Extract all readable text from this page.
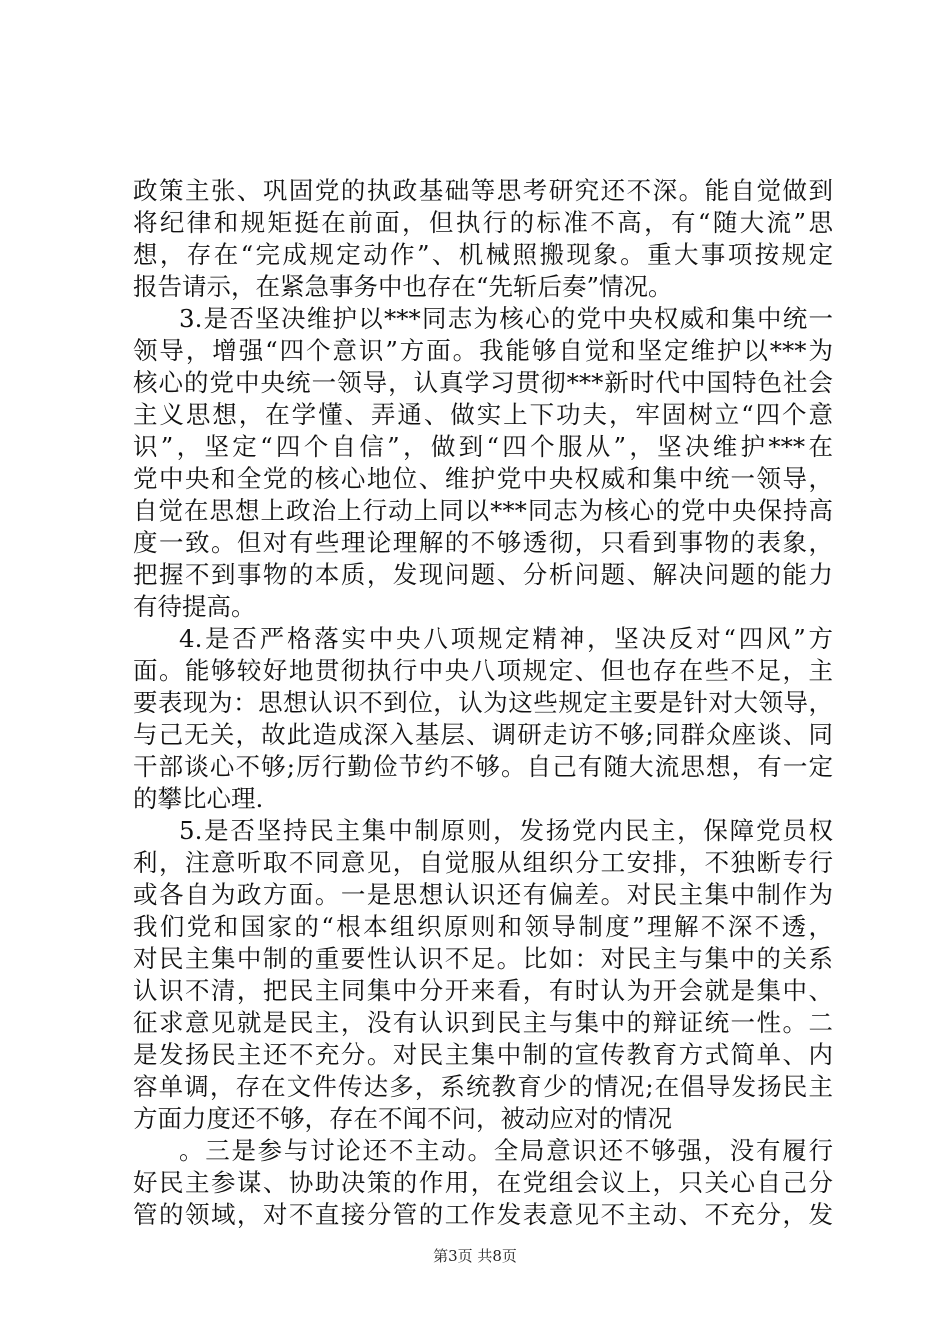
政策主张、巩固党的执政基础等思考研究还不深。能自觉做到
将纪律和规矩挺在前面，但执行的标准不高，有“随大流”思
想，存在“完成规定动作”、机械照搬现象。重大事项按规定
报告请示，在紧急事务中也存在“先斩后奏”情况。
3.是否坚决维护以***同志为核心的党中央权威和集中统一
领导，增强“四个意识”方面。我能够自觉和坚定维护以***为
核心的党中央统一领导，认真学习贯彻***新时代中国特色社会
主义思想，在学懂、弄通、做实上下功夫，牢固树立“四个意
识”，坚定“四个自信”，做到“四个服从”，坚决维护***在
党中央和全党的核心地位、维护党中央权威和集中统一领导，
自觉在思想上政治上行动上同以***同志为核心的党中央保持高
度一致。但对有些理论理解的不够透彻，只看到事物的表象，
把握不到事物的本质，发现问题、分析问题、解决问题的能力
有待提高。
4.是否严格落实中央八项规定精神，坚决反对“四风”方
面。能够较好地贯彻执行中央八项规定、但也存在些不足，主
要表现为：思想认识不到位，认为这些规定主要是针对大领导，
与己无关，故此造成深入基层、调研走访不够;同群众座谈、同
干部谈心不够;厉行勤俭节约不够。自己有随大流思想，有一定
的攀比心理.
5.是否坚持民主集中制原则，发扬党内民主，保障党员权
利，注意听取不同意见，自觉服从组织分工安排，不独断专行
或各自为政方面。一是思想认识还有偏差。对民主集中制作为
我们党和国家的“根本组织原则和领导制度”理解不深不透，
对民主集中制的重要性认识不足。比如：对民主与集中的关系
认识不清，把民主同集中分开来看，有时认为开会就是集中、
征求意见就是民主，没有认识到民主与集中的辩证统一性。二
是发扬民主还不充分。对民主集中制的宣传教育方式简单、内
容单调，存在文件传达多，系统教育少的情况;在倡导发扬民主
方面力度还不够，存在不闻不问，被动应对的情况
。三是参与讨论还不主动。全局意识还不够强，没有履行
好民主参谋、协助决策的作用，在党组会议上，只关心自己分
管的领域，对不直接分管的工作发表意见不主动、不充分，发
第3页 共8页
